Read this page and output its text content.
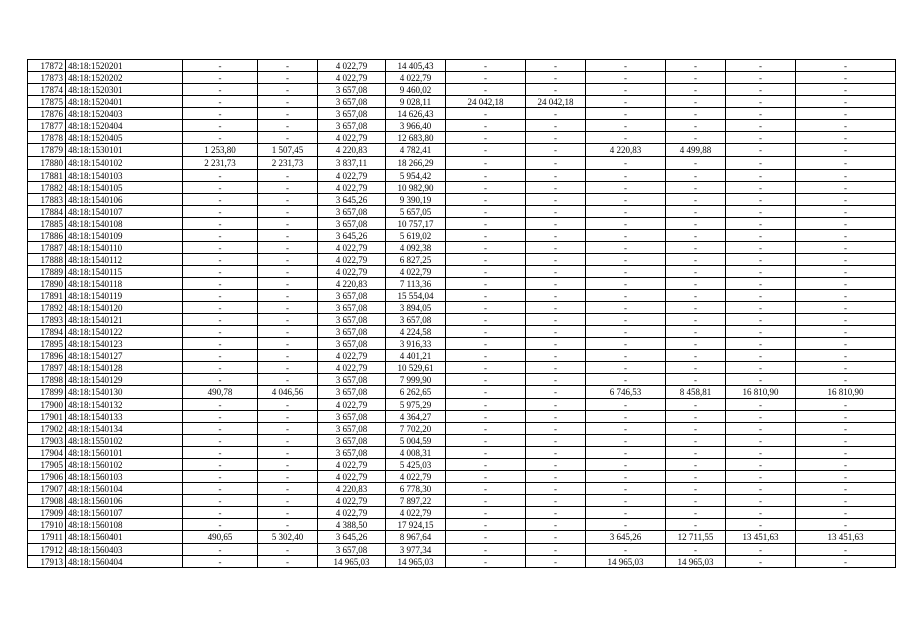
17872	48:18:1520201	-	-	4 022,79	14 405,43	-	-	-	-	-	-
17873	48:18:1520202	-	-	4 022,79	4 022,79	-	-	-	-	-	-
17874	48:18:1520301	-	-	3 657,08	9 460,02	-	-	-	-	-	-
17875	48:18:1520401	-	-	3 657,08	9 028,11	24 042,18	24 042,18	-	-	-	-
17876	48:18:1520403	-	-	3 657,08	14 626,43	-	-	-	-	-	-
17877	48:18:1520404	-	-	3 657,08	3 966,40	-	-	-	-	-	-
17878	48:18:1520405	-	-	4 022,79	12 683,80	-	-	-	-	-	-
17879	48:18:1530101	1 253,80	1 507,45	4 220,83	4 782,41	-	-	4 220,83	4 499,88	-	-
17880	48:18:1540102	2 231,73	2 231,73	3 837,11	18 266,29	-	-	-	-	-	-
17881	48:18:1540103	-	-	4 022,79	5 954,42	-	-	-	-	-	-
17882	48:18:1540105	-	-	4 022,79	10 982,90	-	-	-	-	-	-
17883	48:18:1540106	-	-	3 645,26	9 390,19	-	-	-	-	-	-
17884	48:18:1540107	-	-	3 657,08	5 657,05	-	-	-	-	-	-
17885	48:18:1540108	-	-	3 657,08	10 757,17	-	-	-	-	-	-
17886	48:18:1540109	-	-	3 645,26	5 619,02	-	-	-	-	-	-
17887	48:18:1540110	-	-	4 022,79	4 092,38	-	-	-	-	-	-
17888	48:18:1540112	-	-	4 022,79	6 827,25	-	-	-	-	-	-
17889	48:18:1540115	-	-	4 022,79	4 022,79	-	-	-	-	-	-
17890	48:18:1540118	-	-	4 220,83	7 113,36	-	-	-	-	-	-
17891	48:18:1540119	-	-	3 657,08	15 554,04	-	-	-	-	-	-
17892	48:18:1540120	-	-	3 657,08	3 894,05	-	-	-	-	-	-
17893	48:18:1540121	-	-	3 657,08	3 657,08	-	-	-	-	-	-
17894	48:18:1540122	-	-	3 657,08	4 224,58	-	-	-	-	-	-
17895	48:18:1540123	-	-	3 657,08	3 916,33	-	-	-	-	-	-
17896	48:18:1540127	-	-	4 022,79	4 401,21	-	-	-	-	-	-
17897	48:18:1540128	-	-	4 022,79	10 529,61	-	-	-	-	-	-
17898	48:18:1540129	-	-	3 657,08	7 999,90	-	-	-	-	-	-
17899	48:18:1540130	490,78	4 046,56	3 657,08	6 262,65	-	-	6 746,53	8 458,81	16 810,90	16 810,90
17900	48:18:1540132	-	-	4 022,79	5 975,29	-	-	-	-	-	-
17901	48:18:1540133	-	-	3 657,08	4 364,27	-	-	-	-	-	-
17902	48:18:1540134	-	-	3 657,08	7 702,20	-	-	-	-	-	-
17903	48:18:1550102	-	-	3 657,08	5 004,59	-	-	-	-	-	-
17904	48:18:1560101	-	-	3 657,08	4 008,31	-	-	-	-	-	-
17905	48:18:1560102	-	-	4 022,79	5 425,03	-	-	-	-	-	-
17906	48:18:1560103	-	-	4 022,79	4 022,79	-	-	-	-	-	-
17907	48:18:1560104	-	-	4 220,83	6 778,30	-	-	-	-	-	-
17908	48:18:1560106	-	-	4 022,79	7 897,22	-	-	-	-	-	-
17909	48:18:1560107	-	-	4 022,79	4 022,79	-	-	-	-	-	-
17910	48:18:1560108	-	-	4 388,50	17 924,15	-	-	-	-	-	-
17911	48:18:1560401	490,65	5 302,40	3 645,26	8 967,64	-	-	3 645,26	12 711,55	13 451,63	13 451,63
17912	48:18:1560403	-	-	3 657,08	3 977,34	-	-	-	-	-	-
17913	48:18:1560404	-	-	14 965,03	14 965,03	-	-	14 965,03	14 965,03	-	-
